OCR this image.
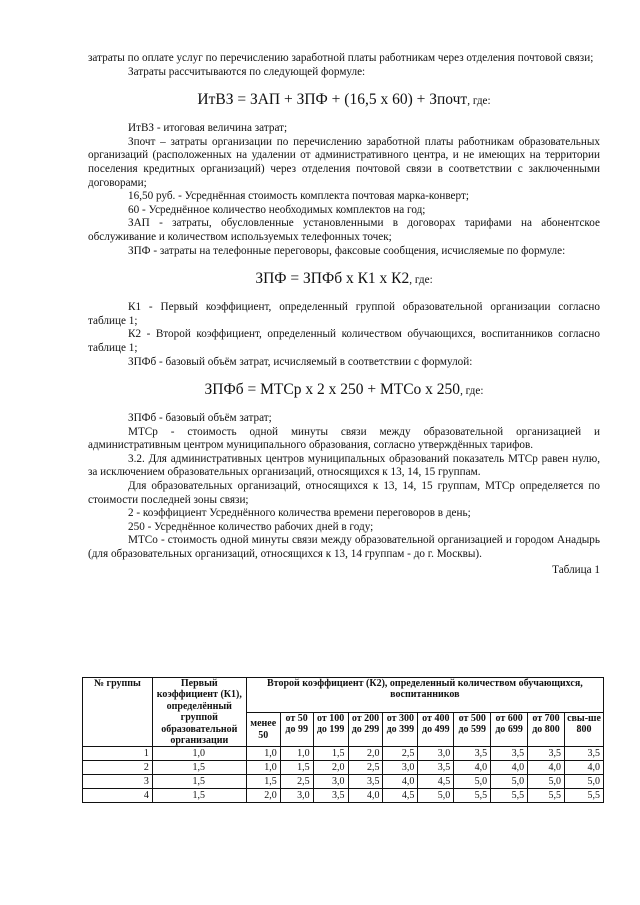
затраты по оплате услуг по перечислению заработной платы работникам через отделения почтовой связи;

Затраты рассчитываются по следующей формуле:

ИтВЗ = ЗАП + ЗПФ + (16,5 х 60) + Зпочт, где:

ИтВЗ - итоговая величина затрат;

Зпочт – затраты организации по перечислению заработной платы работникам образовательных организаций (расположенных на удалении от административного центра, и не имеющих на территории поселения кредитных организаций) через отделения почтовой связи в соответствии с заключенными договорами;

16,50 руб. - Усреднённая стоимость комплекта почтовая марка-конверт;

60 - Усреднённое количество необходимых комплектов на год;

ЗАП - затраты, обусловленные установленными в договорах тарифами на абонентское обслуживание и количеством используемых телефонных точек;

ЗПФ - затраты на телефонные переговоры, факсовые сообщения, исчисляемые по формуле:

ЗПФ = ЗПФб х К1 х К2, где:

К1 - Первый коэффициент, определенный группой образовательной организации согласно таблице 1;

К2 - Второй коэффициент, определенный количеством обучающихся, воспитанников согласно таблице 1;

ЗПФб - базовый объём затрат, исчисляемый в соответствии с формулой:

ЗПФб = МТСр х 2 х 250 + МТСо х 250, где:

ЗПФб - базовый объём затрат;

МТСр - стоимость одной минуты связи между образовательной организацией и административным центром муниципального образования, согласно утверждённых тарифов.

3.2. Для административных центров муниципальных образований показатель МТСр равен нулю, за исключением образовательных организаций, относящихся к 13, 14, 15 группам.

Для образовательных организаций, относящихся к 13, 14, 15 группам, МТСр определяется по стоимости последней зоны связи;

2 - коэффициент Усреднённого количества времени переговоров в день;

250 - Усреднённое количество рабочих дней в году;

МТСо - стоимость одной минуты связи между образовательной организацией и городом Анадырь (для образовательных организаций, относящихся к 13, 14 группам - до г. Москвы).

Таблица 1
№ группы	Первый коэффициент (К1), определённый группой образовательной организации	Второй коэффициент (К2), определенный количеством обучающихся, воспитанников									
		менее 50	от 50 до 99	от 100 до 199	от 200 до 299	от 300 до 399	от 400 до 499	от 500 до 599	от 600 до 699	от 700 до 800	свы-ше 800
1	1,0	1,0	1,0	1,5	2,0	2,5	3,0	3,5	3,5	3,5	3,5
2	1,5	1,0	1,5	2,0	2,5	3,0	3,5	4,0	4,0	4,0	4,0
3	1,5	1,5	2,5	3,0	3,5	4,0	4,5	5,0	5,0	5,0	5,0
4	1,5	2,0	3,0	3,5	4,0	4,5	5,0	5,5	5,5	5,5	5,5
